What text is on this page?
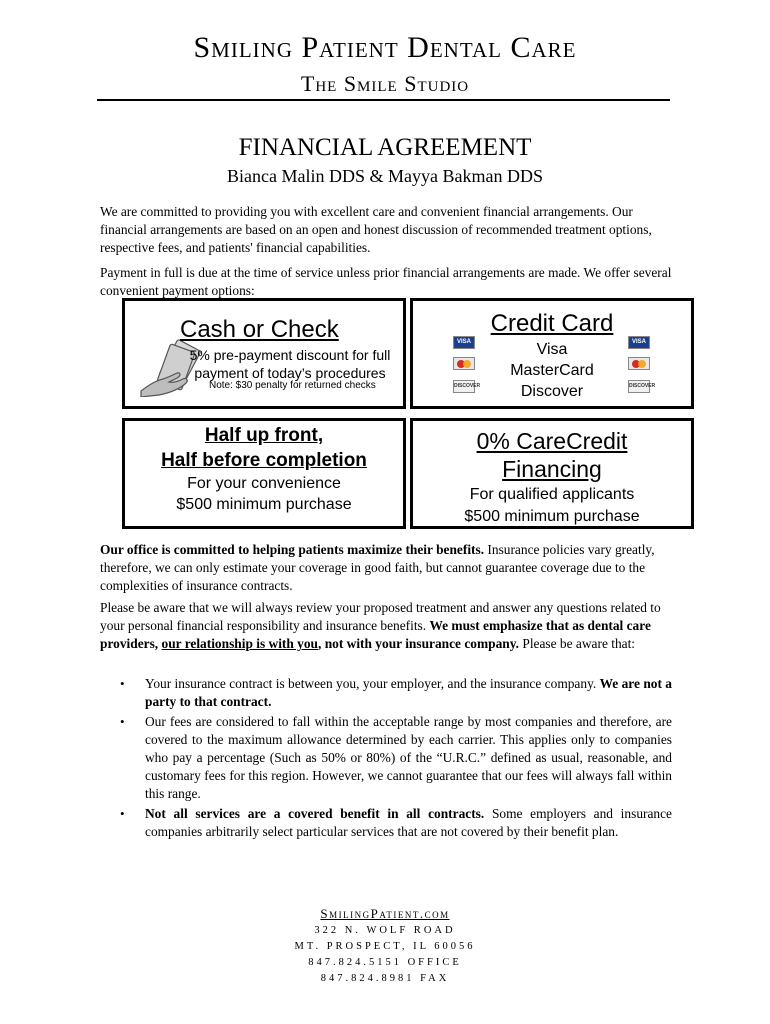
Smiling Patient Dental Care
The Smile Studio
FINANCIAL AGREEMENT
Bianca Malin DDS & Mayya Bakman DDS

We are committed to providing you with excellent care and convenient financial arrangements. Our financial arrangements are based on an open and honest discussion of recommended treatment options, respective fees, and patients' financial capabilities.

Payment in full is due at the time of service unless prior financial arrangements are made. We offer several convenient payment options:

Cash or Check
5% pre-payment discount for full
payment of today’s procedures
Note: $30 penalty for returned checks
Credit Card
Visa
MasterCard
Discover
VISA
DISCOVER
VISA
DISCOVER
Half up front,
Half before completion
For your convenience
$500 minimum purchase
0% CareCredit
Financing
For qualified applicants
$500 minimum purchase

Our office is committed to helping patients maximize their benefits. Insurance policies vary greatly, therefore, we can only estimate your coverage in good faith, but cannot guarantee coverage due to the complexities of insurance contracts.

Please be aware that we will always review your proposed treatment and answer any questions related to your personal financial responsibility and insurance benefits. We must emphasize that as dental care providers, our relationship is with you, not with your insurance company. Please be aware that:

• Your insurance contract is between you, your employer, and the insurance company. We are not a party to that contract.
• Our fees are considered to fall within the acceptable range by most companies and therefore, are covered to the maximum allowance determined by each carrier. This applies only to companies who pay a percentage (Such as 50% or 80%) of the “U.R.C.” defined as usual, reasonable, and customary fees for this region. However, we cannot guarantee that our fees will always fall within this range.
• Not all services are a covered benefit in all contracts. Some employers and insurance companies arbitrarily select particular services that are not covered by their benefit plan.
SmilingPatient.com
322 N. WOLF ROAD
MT. PROSPECT, IL 60056
847.824.5151 OFFICE
847.824.8981 FAX
